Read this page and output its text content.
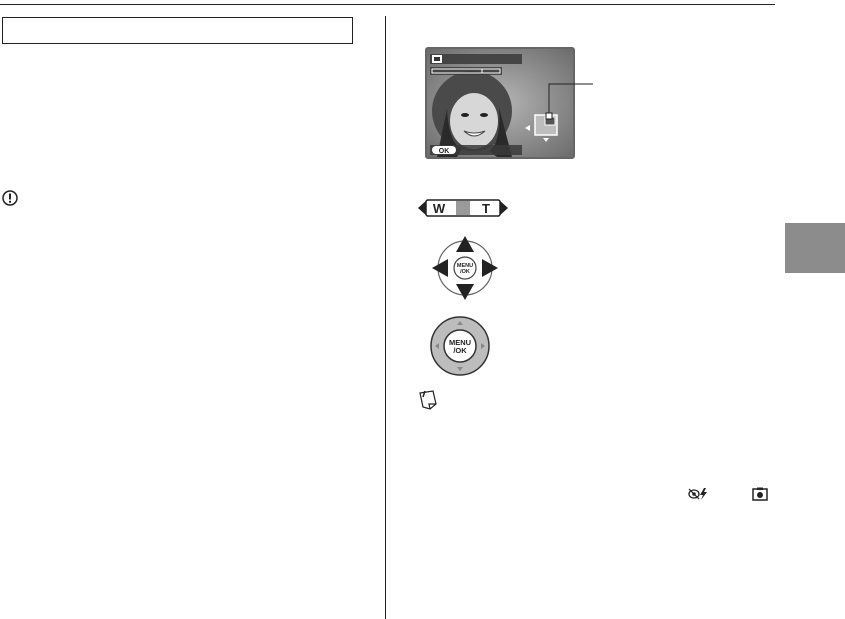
OK
W	T
MENU
/OK
MENU
/OK
